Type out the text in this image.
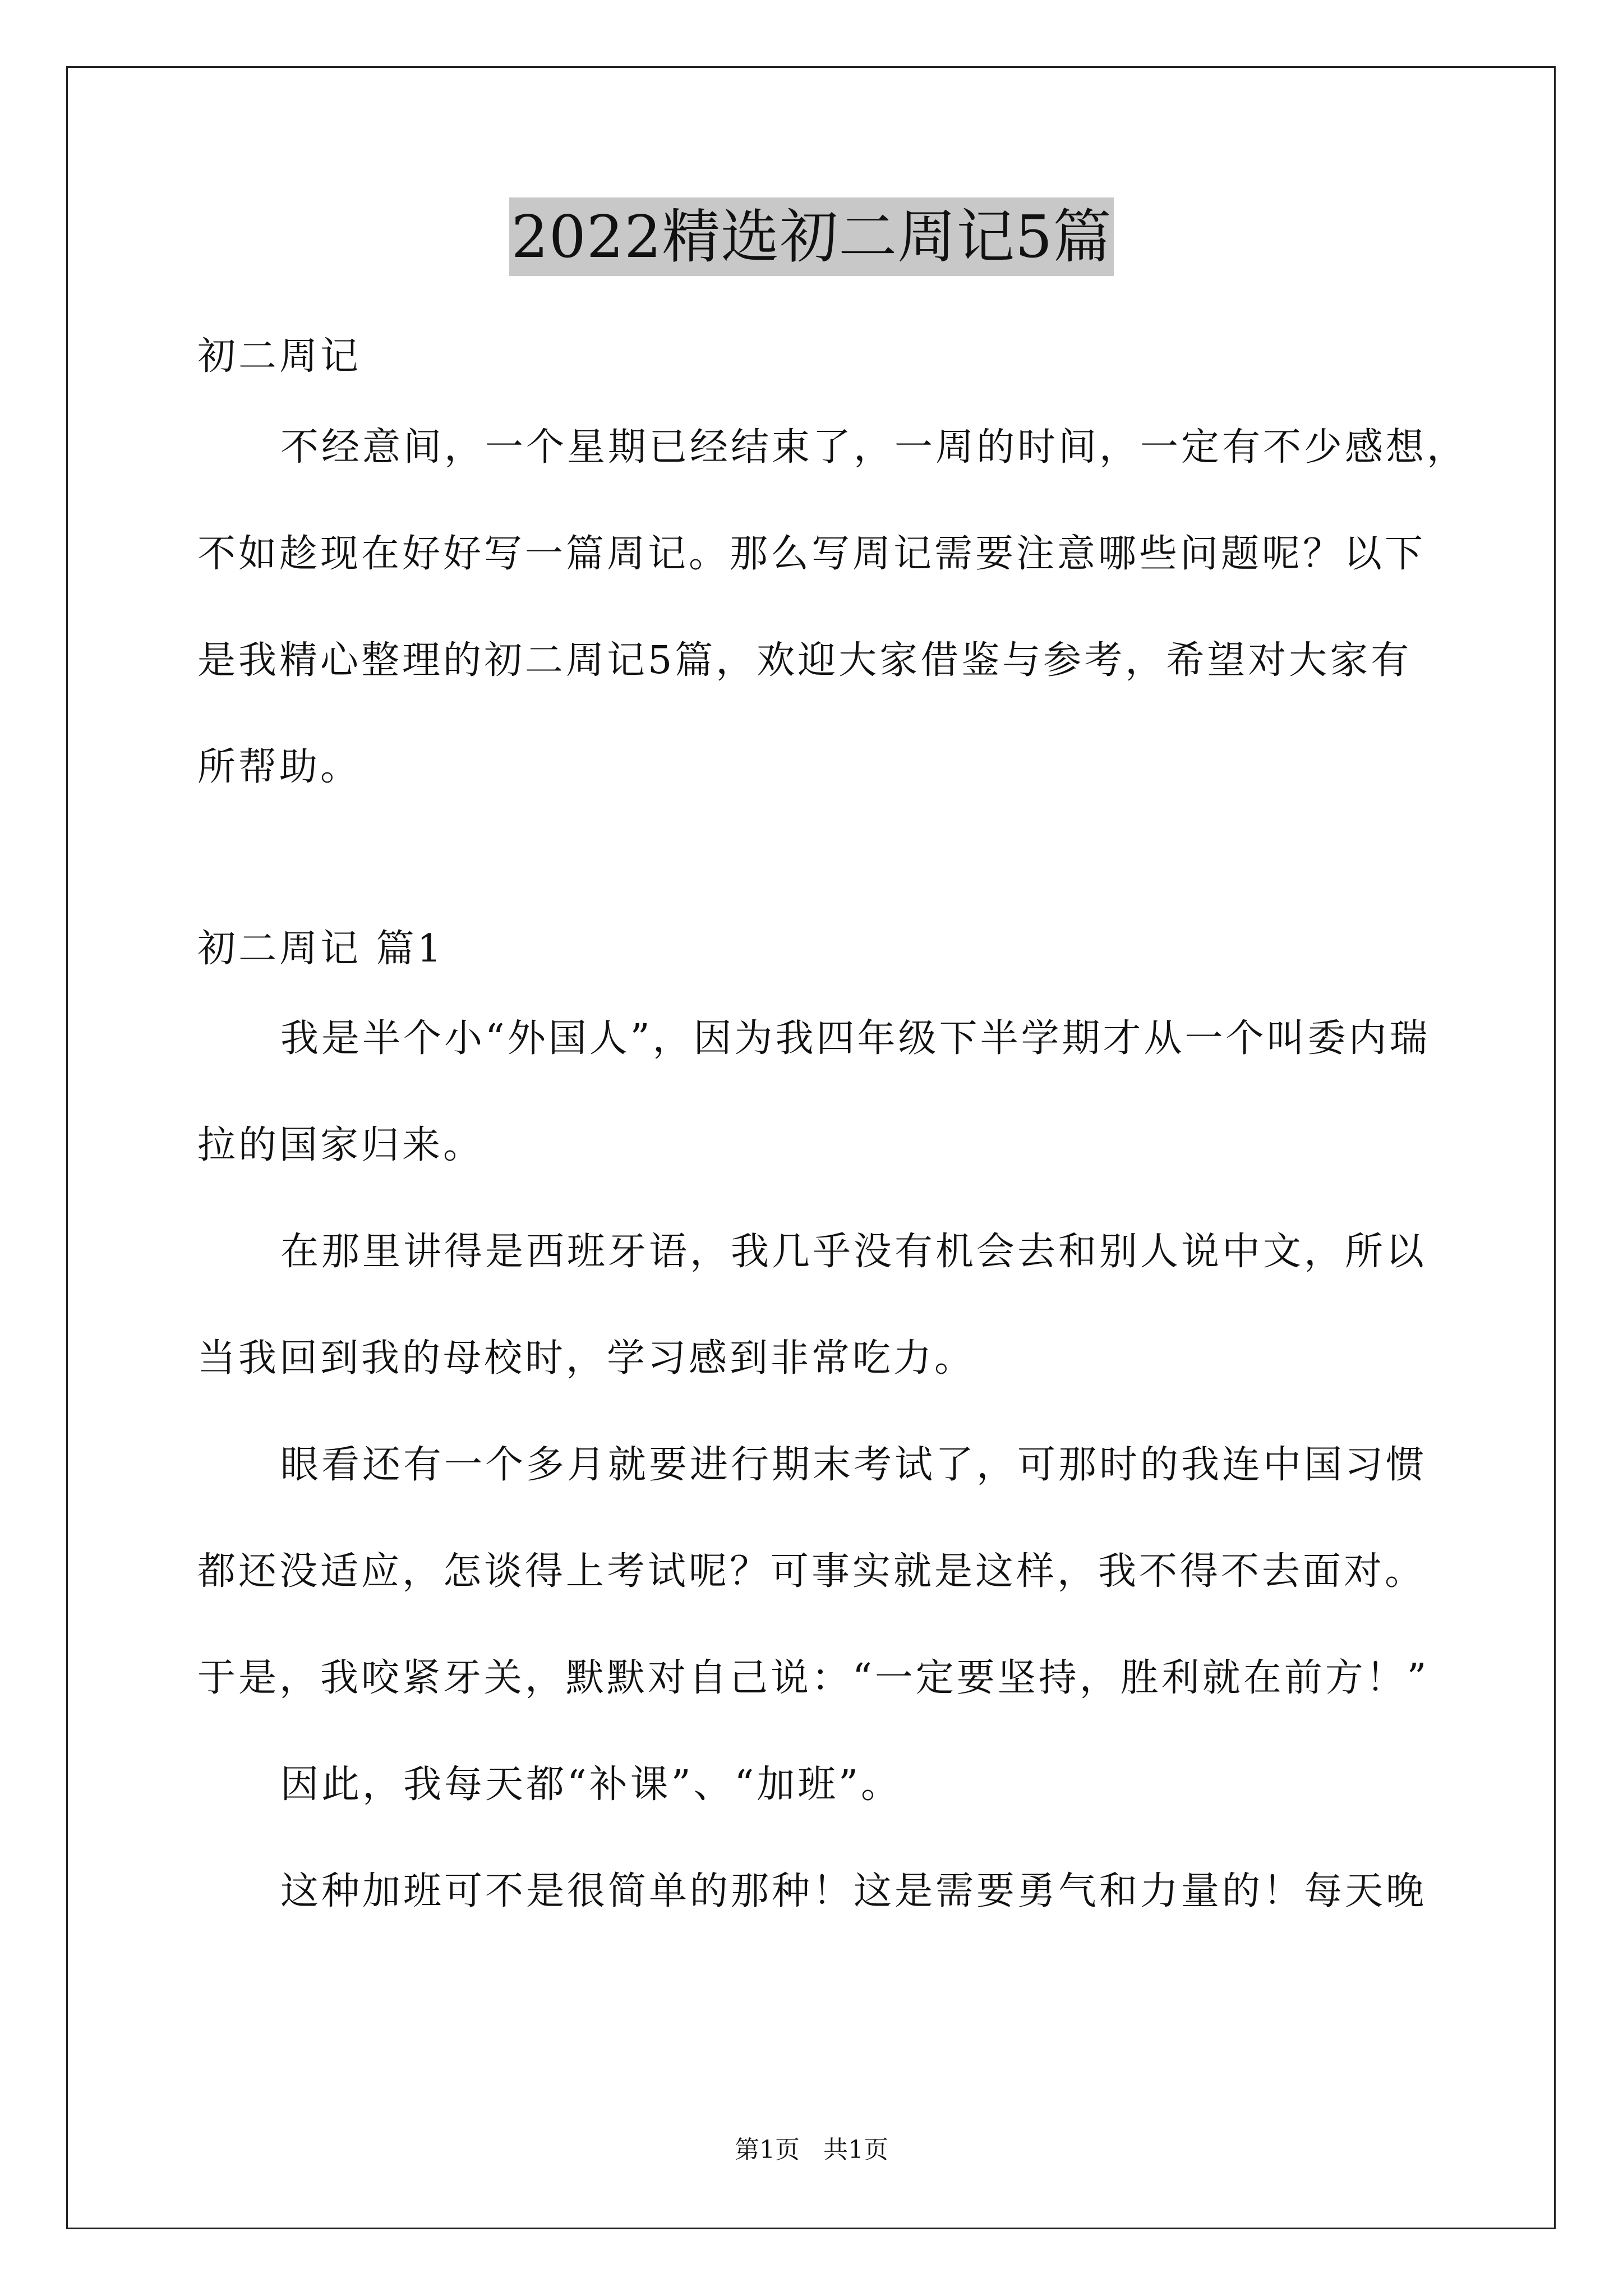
2022精选初二周记5篇
初二周记
不经意间，一个星期已经结束了，一周的时间，一定有不少感想，
不如趁现在好好写一篇周记。那么写周记需要注意哪些问题呢？以下
是我精心整理的初二周记5篇，欢迎大家借鉴与参考，希望对大家有
所帮助。
初二周记 篇1
我是半个小“外国人”，因为我四年级下半学期才从一个叫委内瑞
拉的国家归来。
在那里讲得是西班牙语，我几乎没有机会去和别人说中文，所以
当我回到我的母校时，学习感到非常吃力。
眼看还有一个多月就要进行期末考试了，可那时的我连中国习惯
都还没适应，怎谈得上考试呢？可事实就是这样，我不得不去面对。
于是，我咬紧牙关，默默对自己说：“一定要坚持，胜利就在前方！”
因此，我每天都“补课”、“加班”。
这种加班可不是很简单的那种！这是需要勇气和力量的！每天晚
第1页 共1页
